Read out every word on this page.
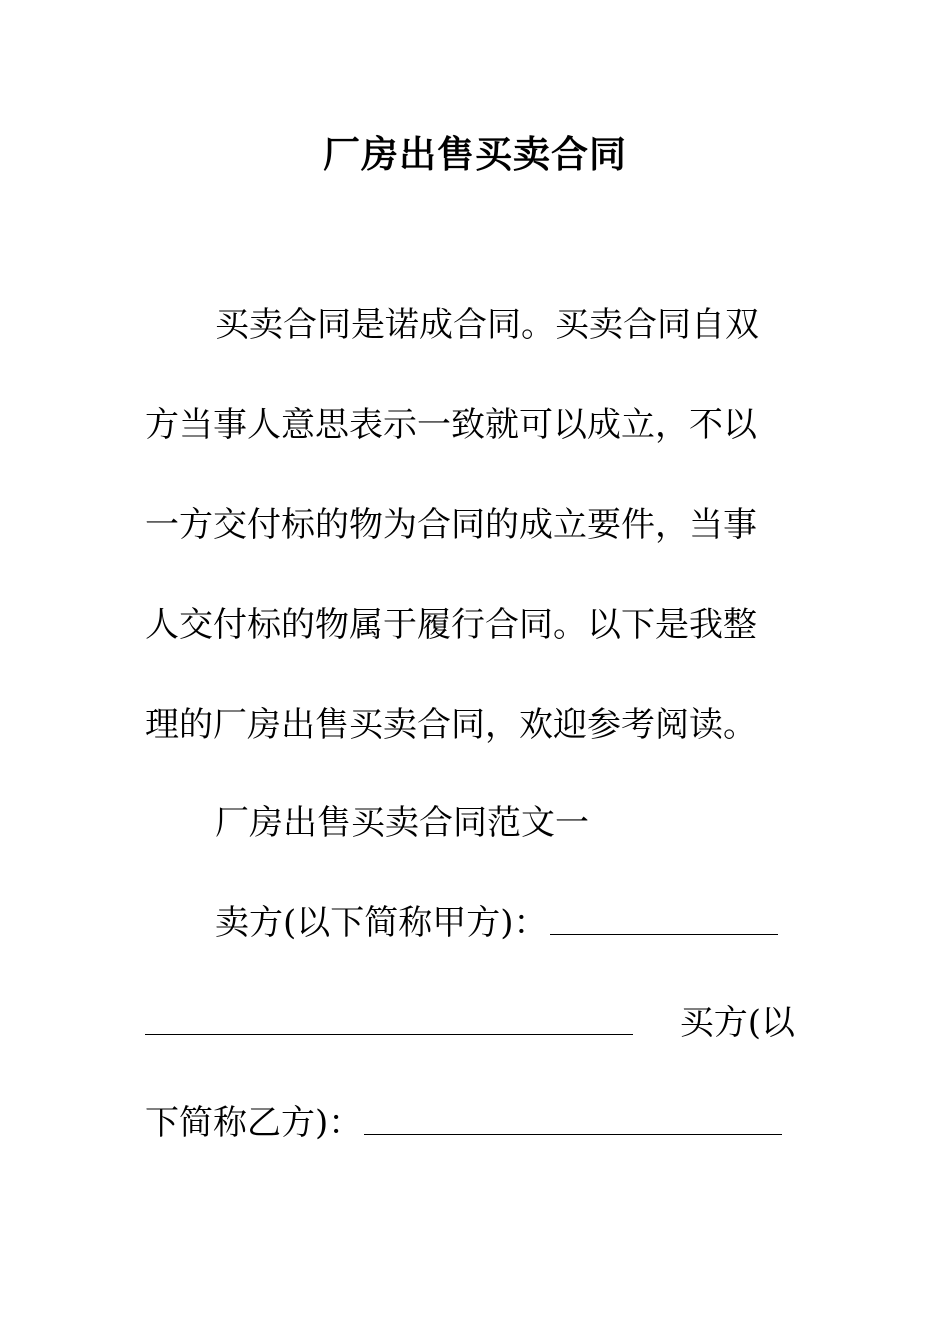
厂房出售买卖合同
买卖合同是诺成合同。买卖合同自双
方当事人意思表示一致就可以成立，不以
一方交付标的物为合同的成立要件，当事
人交付标的物属于履行合同。以下是我整
理的厂房出售买卖合同，欢迎参考阅读。
厂房出售买卖合同范文一
卖方(以下简称甲方)：
买方(以
下简称乙方)：
